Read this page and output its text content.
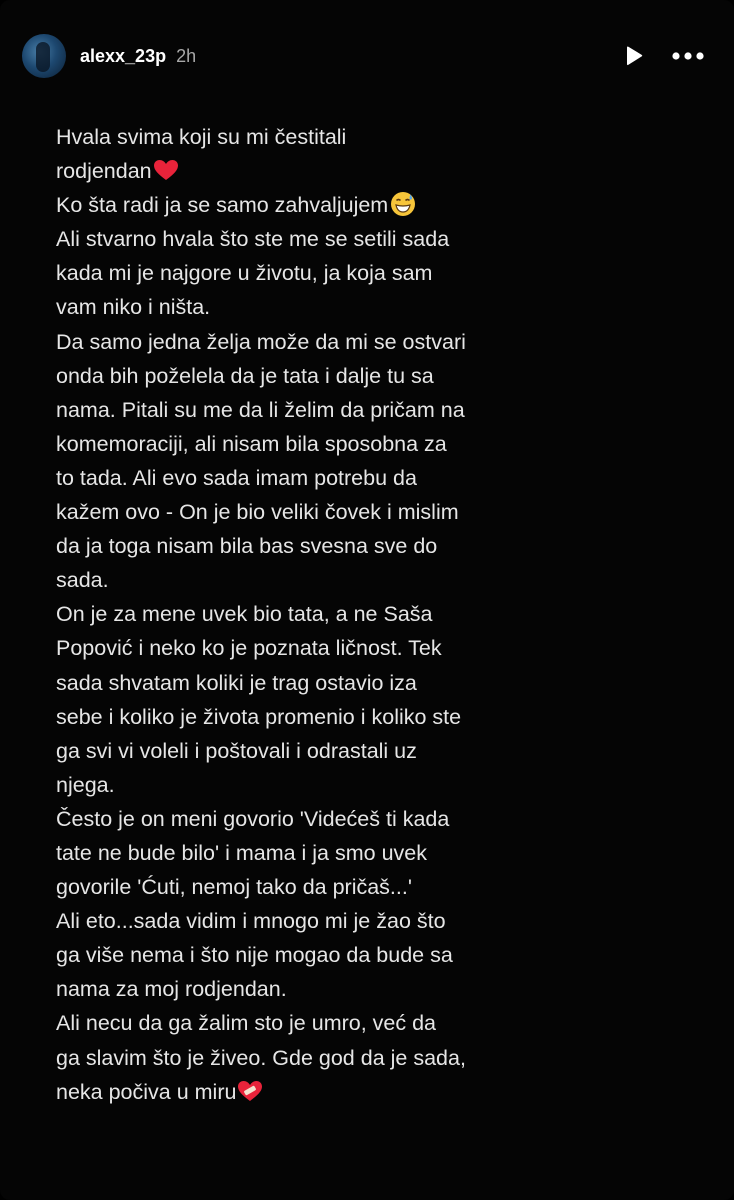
alexx_23p 2h
Hvala svima koji su mi čestitali
rodjendan
Ko šta radi ja se samo zahvaljujem
Ali stvarno hvala što ste me se setili sada
kada mi je najgore u životu, ja koja sam
vam niko i ništa.
Da samo jedna želja može da mi se ostvari
onda bih poželela da je tata i dalje tu sa
nama. Pitali su me da li želim da pričam na
komemoraciji, ali nisam bila sposobna za
to tada. Ali evo sada imam potrebu da
kažem ovo - On je bio veliki čovek i mislim
da ja toga nisam bila bas svesna sve do
sada.
On je za mene uvek bio tata, a ne Saša
Popović i neko ko je poznata ličnost. Tek
sada shvatam koliki je trag ostavio iza
sebe i koliko je života promenio i koliko ste
ga svi vi voleli i poštovali i odrastali uz
njega.
Često je on meni govorio 'Videćeš ti kada
tate ne bude bilo' i mama i ja smo uvek
govorile 'Ćuti, nemoj tako da pričaš...'
Ali eto...sada vidim i mnogo mi je žao što
ga više nema i što nije mogao da bude sa
nama za moj rodjendan.
Ali necu da ga žalim sto je umro, već da
ga slavim što je živeo. Gde god da je sada,
neka počiva u miru
